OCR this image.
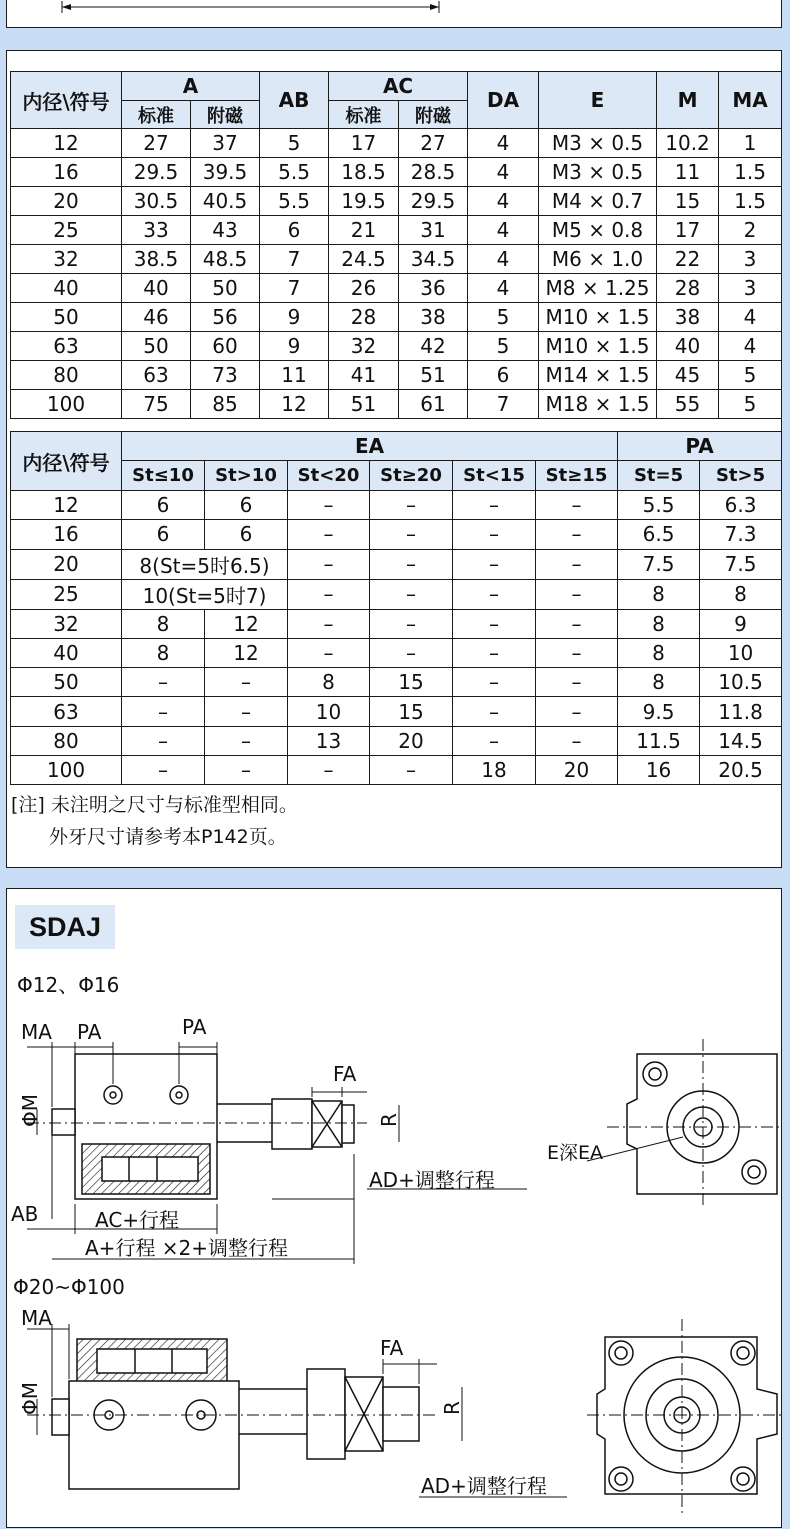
内径\符号	A		AB	AC		DA	E	M	MA
	标准	附磁		标准	附磁				
12	27	37	5	17	27	4	M3 × 0.5	10.2	1
16	29.5	39.5	5.5	18.5	28.5	4	M3 × 0.5	11	1.5
20	30.5	40.5	5.5	19.5	29.5	4	M4 × 0.7	15	1.5
25	33	43	6	21	31	4	M5 × 0.8	17	2
32	38.5	48.5	7	24.5	34.5	4	M6 × 1.0	22	3
40	40	50	7	26	36	4	M8 × 1.25	28	3
50	46	56	9	28	38	5	M10 × 1.5	38	4
63	50	60	9	32	42	5	M10 × 1.5	40	4
80	63	73	11	41	51	6	M14 × 1.5	45	5
100	75	85	12	51	61	7	M18 × 1.5	55	5
内径\符号	EA						PA	
	St≤10	St>10	St<20	St≥20	St<15	St≥15	St=5	St>5
12	6	6	–	–	–	–	5.5	6.3
16	6	6	–	–	–	–	6.5	7.3
20	8(St=5时6.5)		–	–	–	–	7.5	7.5
25	10(St=5时7)		–	–	–	–	8	8
32	8	12	–	–	–	–	8	9
40	8	12	–	–	–	–	8	10
50	–	–	8	15	–	–	8	10.5
63	–	–	10	15	–	–	9.5	11.8
80	–	–	13	20	–	–	11.5	14.5
100	–	–	–	–	18	20	16	20.5
[注] 未注明之尺寸与标准型相同。
外牙尺寸请参考本P142页。
SDAJ
Φ12、Φ16
Φ20~Φ100
MA PA	PA
FA
ΦM	R
AD+调整行程
AB	AC+行程
A+行程 ×2+调整行程
E深EA
MA
FA
ΦM	R
AD+调整行程
